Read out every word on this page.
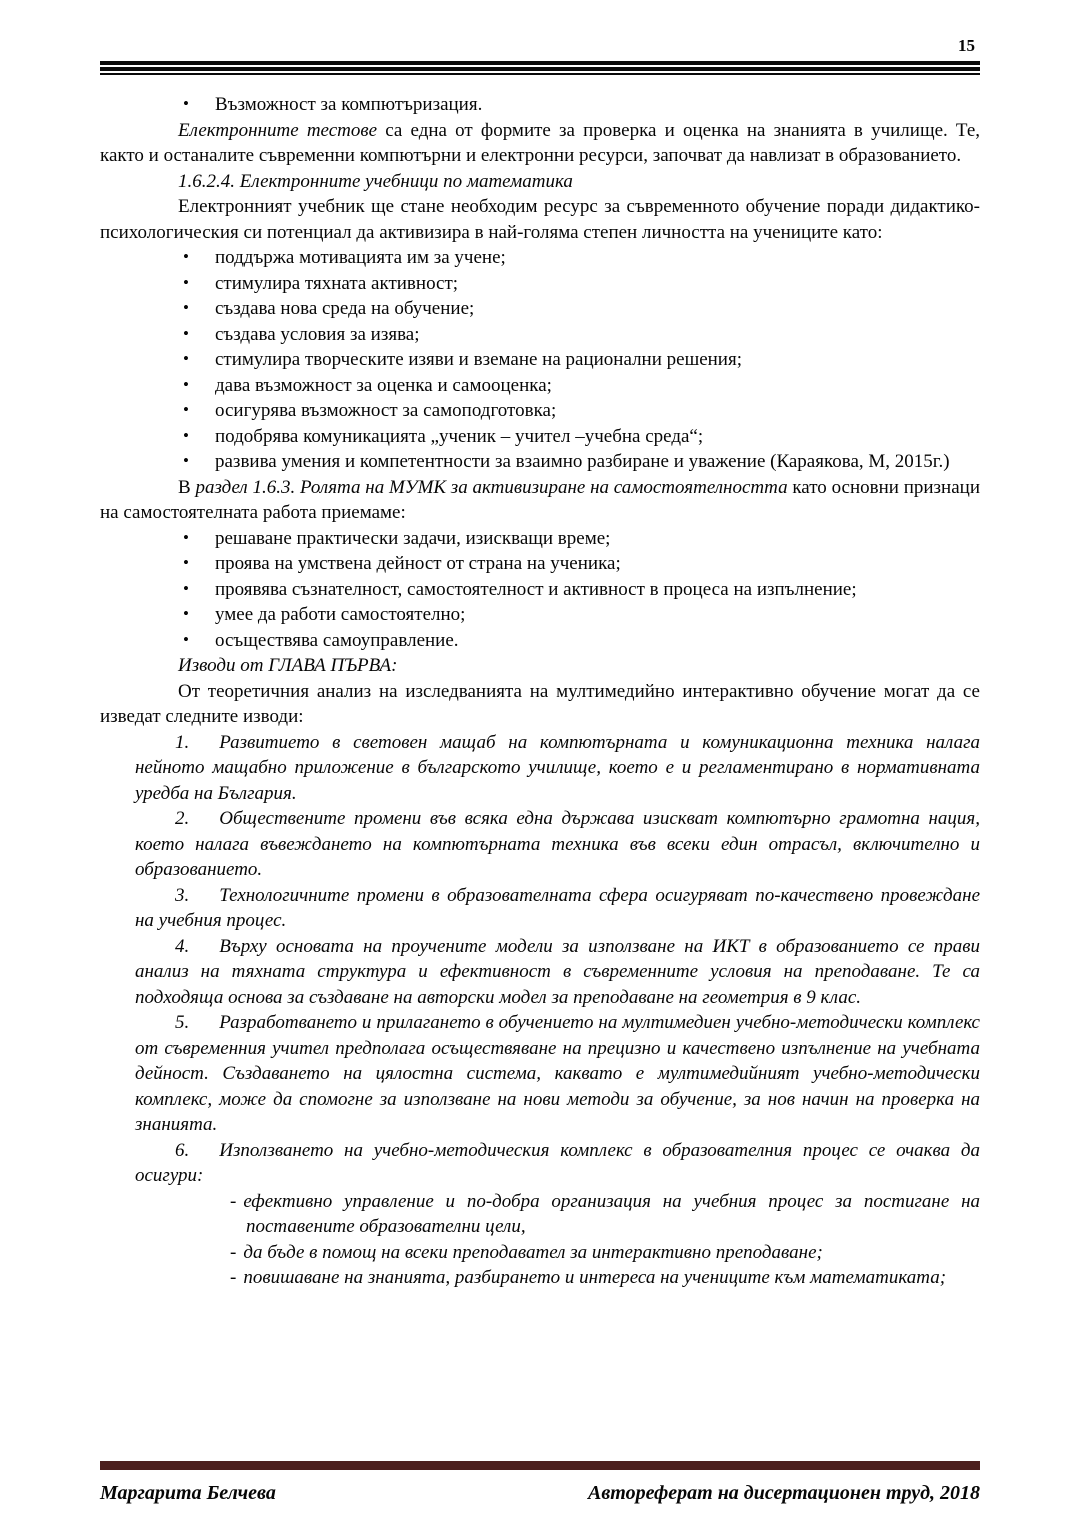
15
• Възможност за компютъризация.

Електронните тестове са една от формите за проверка и оценка на знанията в училище. Те, както и останалите съвременни компютърни и електронни ресурси, започват да навлизат в образованието.

1.6.2.4. Електронните учебници по математика

Електронният учебник ще стане необходим ресурс за съвременното обучение поради дидактико-психологическия си потенциал да активизира в най-голяма степен личността на учениците като:

• поддържа мотивацията им за учене;
• стимулира тяхната активност;
• създава нова среда на обучение;
• създава условия за изява;
• стимулира творческите изяви и вземане на рационални решения;
• дава възможност за оценка и самооценка;
• осигурява възможност за самоподготовка;
• подобрява комуникацията „ученик – учител –учебна среда“;
• развива умения и компетентности за взаимно разбиране и уважение (Караякова, М, 2015г.)

В раздел 1.6.3. Ролята на МУМК за активизиране на самостоятелността като основни признаци на самостоятелната работа приемаме:

• решаване практически задачи, изискващи време;
• проява на умствена дейност от страна на ученика;
• проявява съзнателност, самостоятелност и активност в процеса на изпълнение;
• умее да работи самостоятелно;
• осъществява самоуправление.

Изводи от ГЛАВА ПЪРВА:

От теоретичния анализ на изследванията на мултимедийно интерактивно обучение могат да се изведат следните изводи:

1. Развитието в световен мащаб на компютърната и комуникационна техника налага нейното мащабно приложение в българското училище, което е и регламентирано в нормативната уредба на България.
2. Обществените промени във всяка една държава изискват компютърно грамотна нация, което налага въвеждането на компютърната техника във всеки един отрасъл, включително и образованието.
3. Технологичните промени в образователната сфера осигуряват по-качествено провеждане на учебния процес.
4. Върху основата на проучените модели за използване на ИКТ в образованието се прави анализ на тяхната структура и ефективност в съвременните условия на преподаване. Те са подходяща основа за създаване на авторски модел за преподаване на геометрия в 9 клас.
5. Разработването и прилагането в обучението на мултимедиен учебно-методически комплекс от съвременния учител предполага осъществяване на прецизно и качествено изпълнение на учебната дейност. Създаването на цялостна система, каквато е мултимедийният учебно-методически комплекс, може да спомогне за използване на нови методи за обучение, за нов начин на проверка на знанията.
6. Използването на учебно-методическия комплекс в образователния процес се очаква да осигури:
- ефективно управление и по-добра организация на учебния процес за постигане на поставените образователни цели,
- да бъде в помощ на всеки преподавател за интерактивно преподаване;
- повишаване на знанията, разбирането и интереса на учениците към математиката;
Маргарита Белчева	Автореферат на дисертационен труд, 2018
